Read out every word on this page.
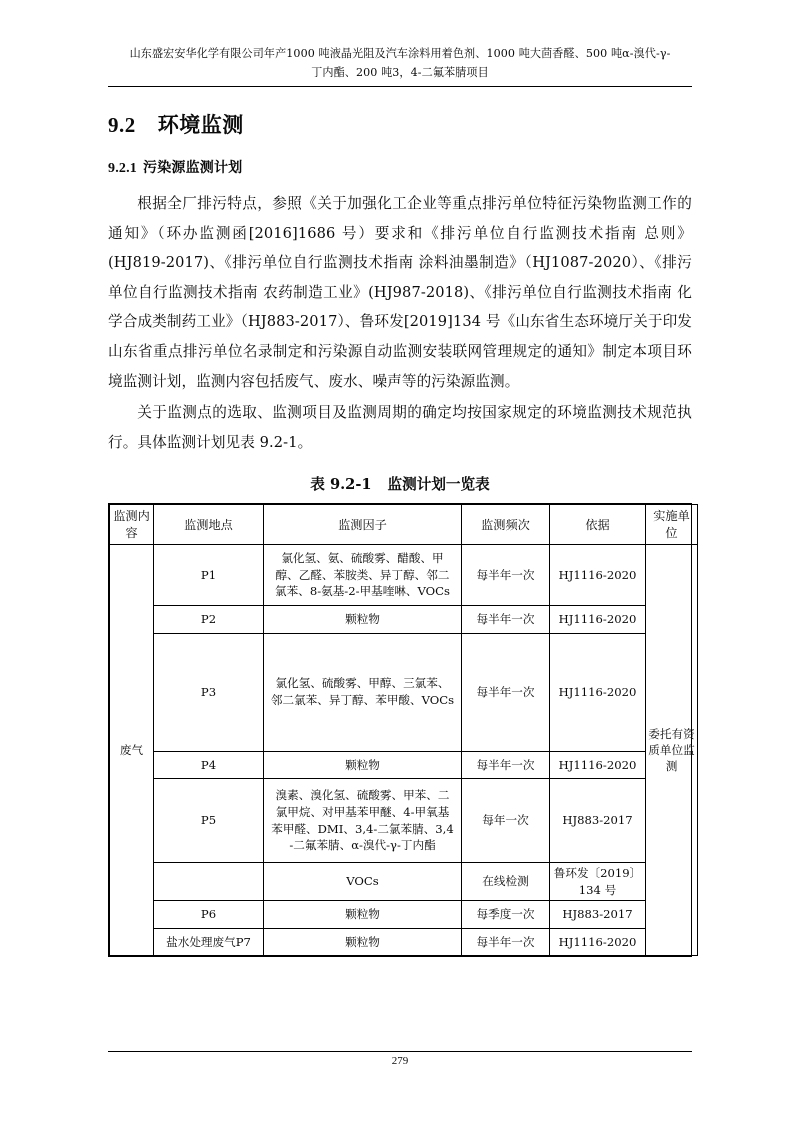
山东盛宏安华化学有限公司年产1000 吨液晶光阻及汽车涂料用着色剂、1000 吨大茴香醛、500 吨α-溴代-γ-
丁内酯、200 吨3，4-二氟苯腈项目
9.2 环境监测
9.2.1 污染源监测计划

根据全厂排污特点，参照《关于加强化工企业等重点排污单位特征污染物监测工作的通知》（环办监测函[2016]1686 号）要求和《排污单位自行监测技术指南 总则》(HJ819-2017)、《排污单位自行监测技术指南 涂料油墨制造》（HJ1087-2020）、《排污单位自行监测技术指南 农药制造工业》(HJ987-2018)、《排污单位自行监测技术指南 化学合成类制药工业》（HJ883-2017）、鲁环发[2019]134 号《山东省生态环境厅关于印发山东省重点排污单位名录制定和污染源自动监测安装联网管理规定的通知》制定本项目环境监测计划，监测内容包括废气、废水、噪声等的污染源监测。

关于监测点的选取、监测项目及监测周期的确定均按国家规定的环境监测技术规范执行。具体监测计划见表 9.2-1。

表 9.2-1 监测计划一览表
监测内容	监测地点	监测因子	监测频次	依据	实施单位
废气	P1	氯化氢、氨、硫酸雾、醋酸、甲醇、乙醛、苯胺类、异丁醇、邻二氯苯、8-氨基-2-甲基喹啉、VOCs	每半年一次	HJ1116-2020	委托有资质单位监测
	P2	颗粒物	每半年一次	HJ1116-2020	
	P3	氯化氢、硫酸雾、甲醇、三氯苯、邻二氯苯、异丁醇、苯甲酸、VOCs	每半年一次	HJ1116-2020	
	P4	颗粒物	每半年一次	HJ1116-2020	
	P5	溴素、溴化氢、硫酸雾、甲苯、二氯甲烷、对甲基苯甲醚、4-甲氧基苯甲醛、DMI、3,4-二氯苯腈、3,4-二氟苯腈、α-溴代-γ-丁内酯	每年一次	HJ883-2017	
		VOCs	在线检测	鲁环发〔2019〕134 号	
	P6	颗粒物	每季度一次	HJ883-2017	
	盐水处理废气P7	颗粒物	每半年一次	HJ1116-2020	
279
